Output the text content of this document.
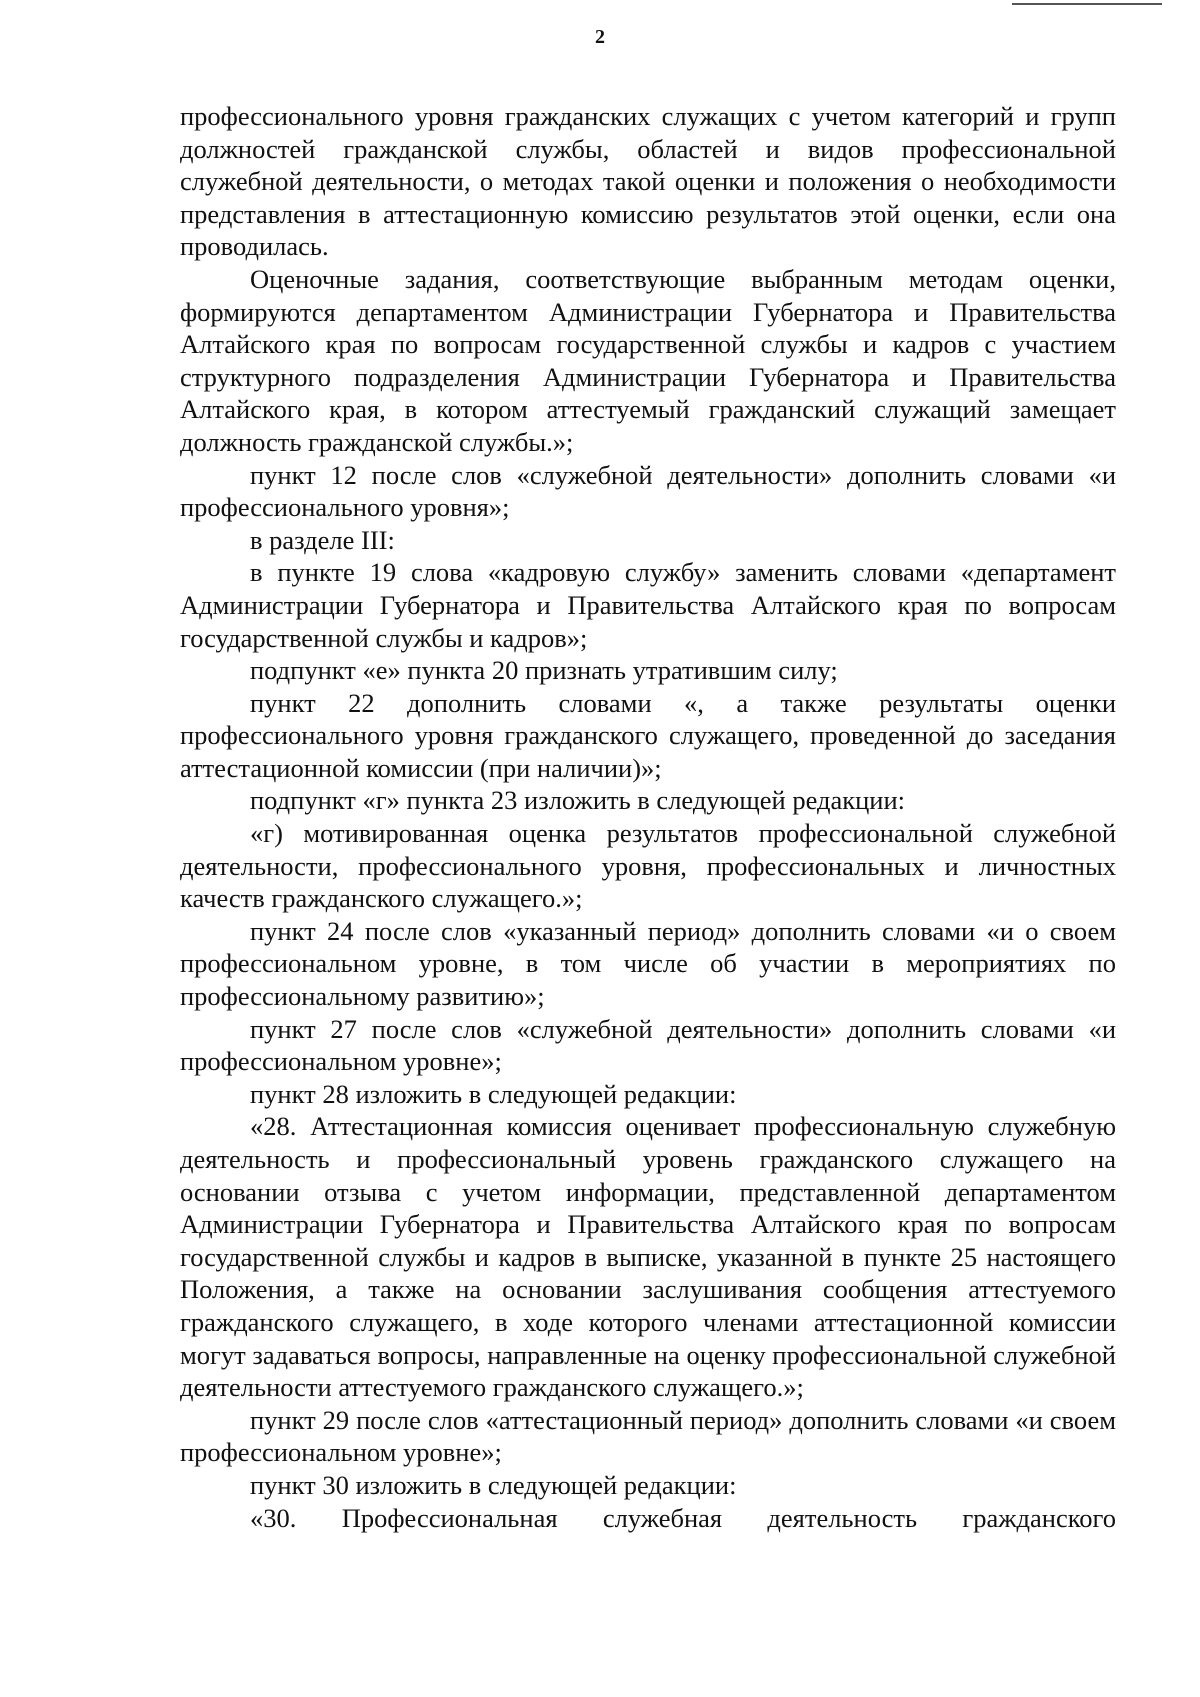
2

профессионального уровня гражданских служащих с учетом категорий и групп должностей гражданской службы, областей и видов профессиональной служебной деятельности, о методах такой оценки и положения о необходимости представления в аттестационную комиссию результатов этой оценки, если она проводилась.

Оценочные задания, соответствующие выбранным методам оценки, формируются департаментом Администрации Губернатора и Правительства Алтайского края по вопросам государственной службы и кадров с участием структурного подразделения Администрации Губернатора и Правительства Алтайского края, в котором аттестуемый гражданский служащий замещает должность гражданской службы.»;

пункт 12 после слов «служебной деятельности» дополнить словами «и профессионального уровня»;

в разделе III:

в пункте 19 слова «кадровую службу» заменить словами «департамент Администрации Губернатора и Правительства Алтайского края по вопросам государственной службы и кадров»;

подпункт «е» пункта 20 признать утратившим силу;

пункт 22 дополнить словами «, а также результаты оценки профессионального уровня гражданского служащего, проведенной до заседания аттестационной комиссии (при наличии)»;

подпункт «г» пункта 23 изложить в следующей редакции:

«г) мотивированная оценка результатов профессиональной служебной деятельности, профессионального уровня, профессиональных и личностных качеств гражданского служащего.»;

пункт 24 после слов «указанный период» дополнить словами «и о своем профессиональном уровне, в том числе об участии в мероприятиях по профессиональному развитию»;

пункт 27 после слов «служебной деятельности» дополнить словами «и профессиональном уровне»;

пункт 28 изложить в следующей редакции:

«28. Аттестационная комиссия оценивает профессиональную служебную деятельность и профессиональный уровень гражданского служащего на основании отзыва с учетом информации, представленной департаментом Администрации Губернатора и Правительства Алтайского края по вопросам государственной службы и кадров в выписке, указанной в пункте 25 настоящего Положения, а также на основании заслушивания сообщения аттестуемого гражданского служащего, в ходе которого членами аттестационной комиссии могут задаваться вопросы, направленные на оценку профессиональной служебной деятельности аттестуемого гражданского служащего.»;

пункт 29 после слов «аттестационный период» дополнить словами «и своем профессиональном уровне»;

пункт 30 изложить в следующей редакции:

«30. Профессиональная служебная деятельность гражданского
